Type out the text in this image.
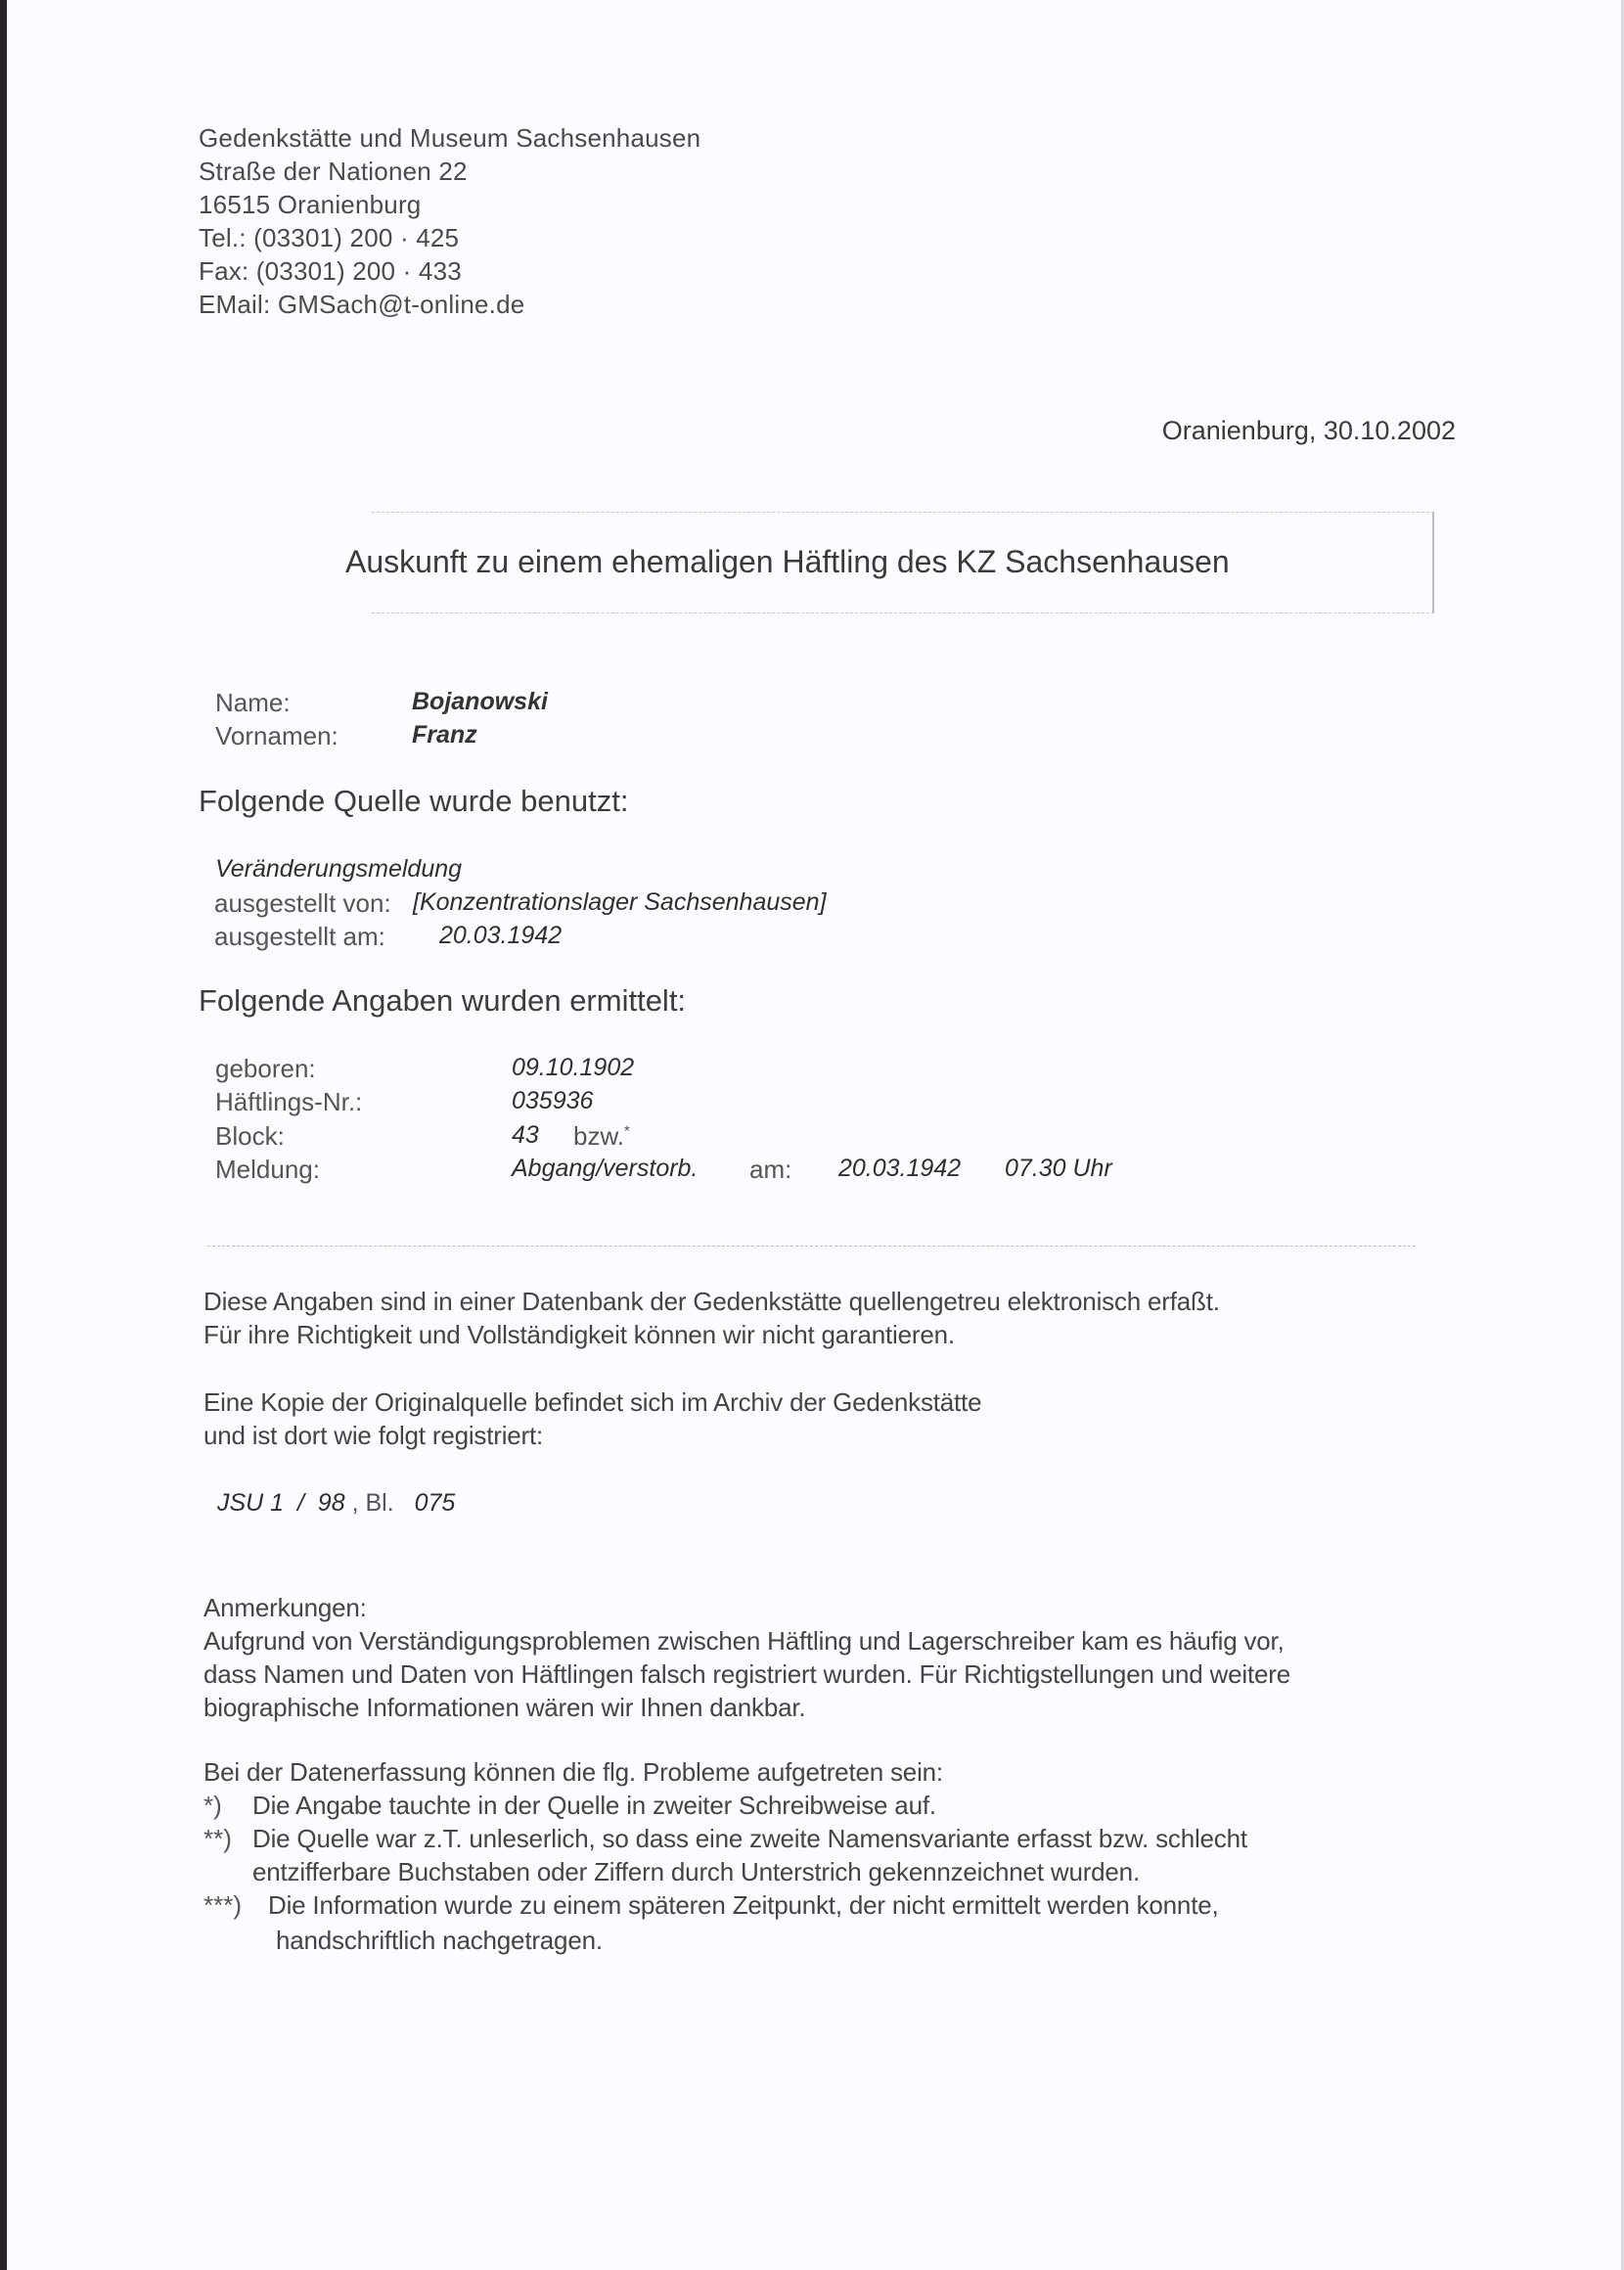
Gedenkstätte und Museum Sachsenhausen
Straße der Nationen 22
16515 Oranienburg
Tel.: (03301) 200 · 425
Fax: (03301) 200 · 433
EMail: GMSach@t-online.de
Oranienburg, 30.10.2002
Auskunft zu einem ehemaligen Häftling des KZ Sachsenhausen
Name:	Bojanowski
Vornamen:	Franz
Folgende Quelle wurde benutzt:
Veränderungsmeldung
ausgestellt von: [Konzentrationslager Sachsenhausen]
ausgestellt am: 20.03.1942
Folgende Angaben wurden ermittelt:
geboren:	09.10.1902
Häftlings-Nr.:	035936
Block:	43 bzw.*
Meldung:	Abgang/verstorb. am: 20.03.1942 07.30 Uhr
Diese Angaben sind in einer Datenbank der Gedenkstätte quellengetreu elektronisch erfaßt.
Für ihre Richtigkeit und Vollständigkeit können wir nicht garantieren.
Eine Kopie der Originalquelle befindet sich im Archiv der Gedenkstätte
und ist dort wie folgt registriert:
JSU 1  /  98 , Bl. 075
Anmerkungen:
Aufgrund von Verständigungsproblemen zwischen Häftling und Lagerschreiber kam es häufig vor,
dass Namen und Daten von Häftlingen falsch registriert wurden. Für Richtigstellungen und weitere
biographische Informationen wären wir Ihnen dankbar.
Bei der Datenerfassung können die flg. Probleme aufgetreten sein:
*) Die Angabe tauchte in der Quelle in zweiter Schreibweise auf.
**) Die Quelle war z.T. unleserlich, so dass eine zweite Namensvariante erfasst bzw. schlecht
entzifferbare Buchstaben oder Ziffern durch Unterstrich gekennzeichnet wurden.
***) Die Information wurde zu einem späteren Zeitpunkt, der nicht ermittelt werden konnte,
handschriftlich nachgetragen.
